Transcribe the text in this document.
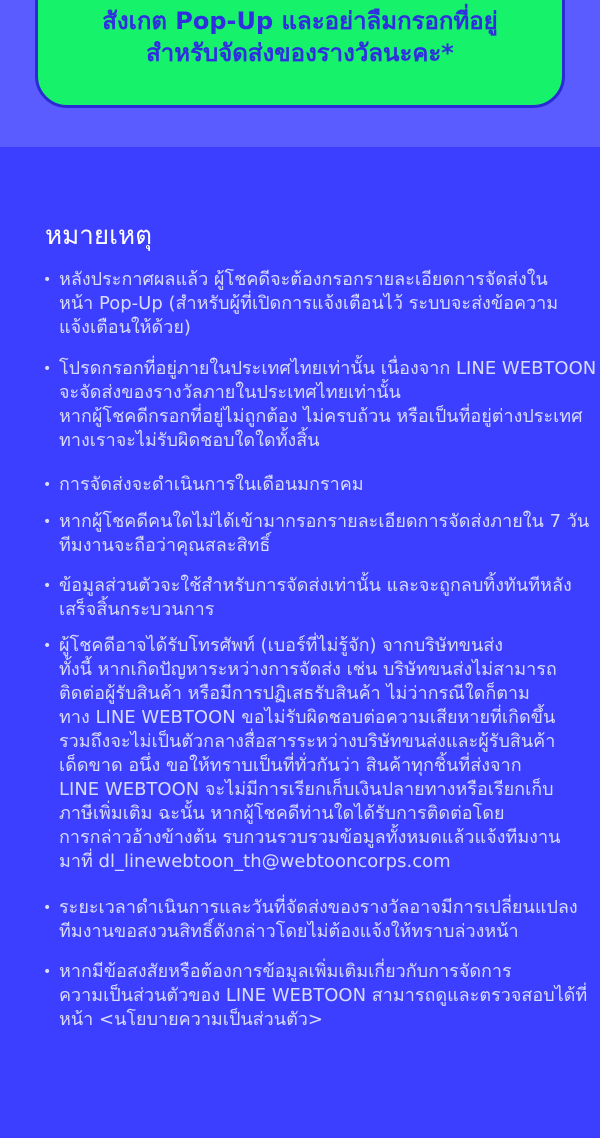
สังเกต Pop-Up และอย่าลืมกรอกที่อยู่
สำหรับจัดส่งของรางวัลนะคะ*
หมายเหตุ
• หลังประกาศผลแล้ว ผู้โชคดีจะต้องกรอกรายละเอียดการจัดส่งใน
หน้า Pop-Up (สำหรับผู้ที่เปิดการแจ้งเตือนไว้ ระบบจะส่งข้อความ
แจ้งเตือนให้ด้วย)
• โปรดกรอกที่อยู่ภายในประเทศไทยเท่านั้น เนื่องจาก LINE WEBTOON
จะจัดส่งของรางวัลภายในประเทศไทยเท่านั้น
หากผู้โชคดีกรอกที่อยู่ไม่ถูกต้อง ไม่ครบถ้วน หรือเป็นที่อยู่ต่างประเทศ
ทางเราจะไม่รับผิดชอบใดใดทั้งสิ้น
• การจัดส่งจะดำเนินการในเดือนมกราคม
• หากผู้โชคดีคนใดไม่ได้เข้ามากรอกรายละเอียดการจัดส่งภายใน 7 วัน
ทีมงานจะถือว่าคุณสละสิทธิ์
• ข้อมูลส่วนตัวจะใช้สำหรับการจัดส่งเท่านั้น และจะถูกลบทิ้งทันทีหลัง
เสร็จสิ้นกระบวนการ
• ผู้โชคดีอาจได้รับโทรศัพท์ (เบอร์ที่ไม่รู้จัก) จากบริษัทขนส่ง
ทั้งนี้ หากเกิดปัญหาระหว่างการจัดส่ง เช่น บริษัทขนส่งไม่สามารถ
ติดต่อผู้รับสินค้า หรือมีการปฏิเสธรับสินค้า ไม่ว่ากรณีใดก็ตาม
ทาง LINE WEBTOON ขอไม่รับผิดชอบต่อความเสียหายที่เกิดขึ้น
รวมถึงจะไม่เป็นตัวกลางสื่อสารระหว่างบริษัทขนส่งและผู้รับสินค้า
เด็ดขาด อนึ่ง ขอให้ทราบเป็นที่ทั่วกันว่า สินค้าทุกชิ้นที่ส่งจาก
LINE WEBTOON จะไม่มีการเรียกเก็บเงินปลายทางหรือเรียกเก็บ
ภาษีเพิ่มเติม ฉะนั้น หากผู้โชคดีท่านใดได้รับการติดต่อโดย
การกล่าวอ้างข้างต้น รบกวนรวบรวมข้อมูลทั้งหมดแล้วแจ้งทีมงาน
มาที่ dl_linewebtoon_th@webtooncorps.com
• ระยะเวลาดำเนินการและวันที่จัดส่งของรางวัลอาจมีการเปลี่ยนแปลง
ทีมงานขอสงวนสิทธิ์ดังกล่าวโดยไม่ต้องแจ้งให้ทราบล่วงหน้า
• หากมีข้อสงสัยหรือต้องการข้อมูลเพิ่มเติมเกี่ยวกับการจัดการ
ความเป็นส่วนตัวของ LINE WEBTOON สามารถดูและตรวจสอบได้ที่
หน้า <นโยบายความเป็นส่วนตัว>
